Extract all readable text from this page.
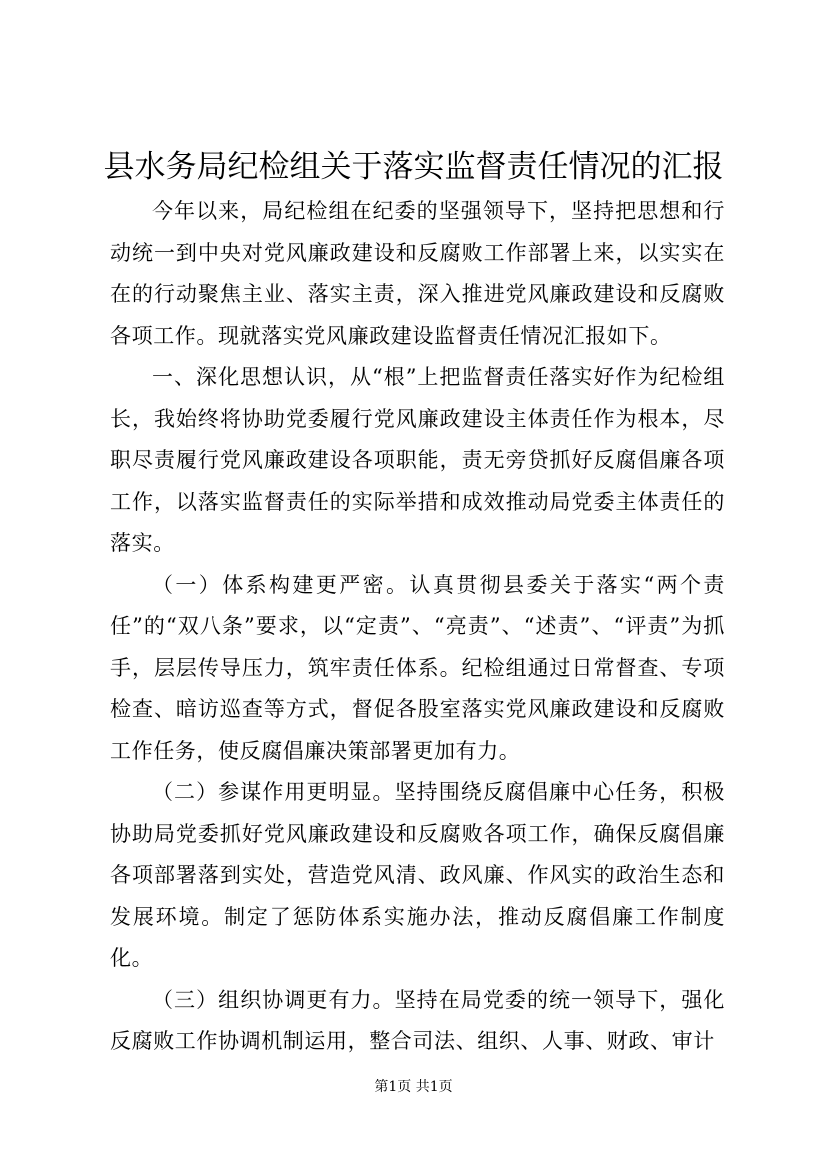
县水务局纪检组关于落实监督责任情况的汇报

今年以来，局纪检组在纪委的坚强领导下，坚持把思想和行动统一到中央对党风廉政建设和反腐败工作部署上来，以实实在在的行动聚焦主业、落实主责，深入推进党风廉政建设和反腐败各项工作。现就落实党风廉政建设监督责任情况汇报如下。

一、深化思想认识，从“根”上把监督责任落实好作为纪检组长，我始终将协助党委履行党风廉政建设主体责任作为根本，尽职尽责履行党风廉政建设各项职能，责无旁贷抓好反腐倡廉各项工作，以落实监督责任的实际举措和成效推动局党委主体责任的落实。

（一）体系构建更严密。认真贯彻县委关于落实“两个责任”的“双八条”要求，以“定责”、“亮责”、“述责”、“评责”为抓手，层层传导压力，筑牢责任体系。纪检组通过日常督查、专项检查、暗访巡查等方式，督促各股室落实党风廉政建设和反腐败工作任务，使反腐倡廉决策部署更加有力。

（二）参谋作用更明显。坚持围绕反腐倡廉中心任务，积极协助局党委抓好党风廉政建设和反腐败各项工作，确保反腐倡廉各项部署落到实处，营造党风清、政风廉、作风实的政治生态和发展环境。制定了惩防体系实施办法，推动反腐倡廉工作制度化。

（三）组织协调更有力。坚持在局党委的统一领导下，强化反腐败工作协调机制运用，整合司法、组织、人事、财政、审计

第1页 共1页
